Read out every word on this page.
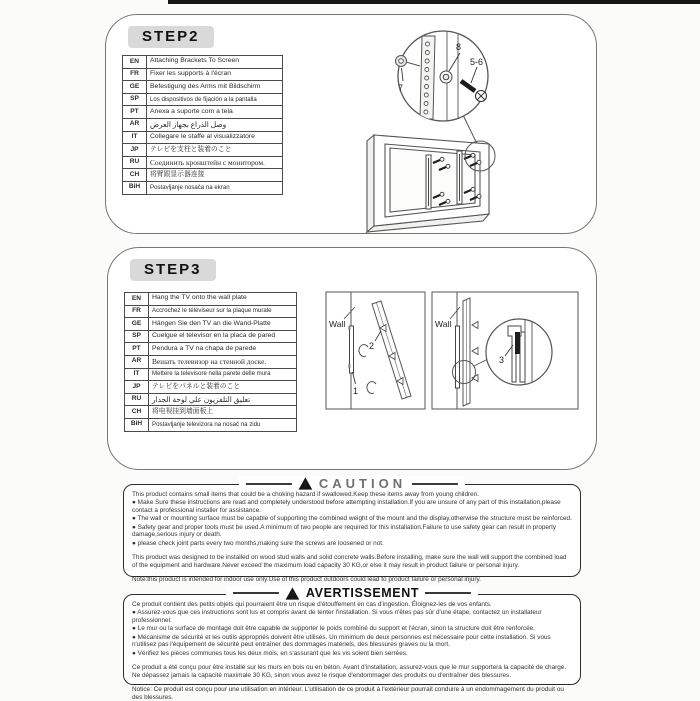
STEP2
EN	Attaching Brackets To Screen
FR	Fixer les supports à l'écran
GE	Befestigung des Arms mit Bildschirm
SP	Los dispositivos de fijación a la pantalla
PT	Anexa a suporte com a tela
AR	وصل الذراع بجهاز العرض
IT	Collegare le staffe al visualizzatore
JP	テレビを支柱と装着のこと
RU	Соединить кронштейн с монитором.
CH	将臂跟显示器连接
BiH	Postavljanje nosača na ekran
8
5-6
7
STEP3
EN	Hang the TV onto the wall plate
FR	Accrochez le téléviseur sur la plaque murale
GE	Hängen Sie den TV an die Wand-Platte
SP	Cuelgue el televisor en la placa de pared
PT	Pendura a TV na chapa de parede
AR	Вешать телевизор на стенной доске.
IT	Mettere la televisore nella parete delle mura
JP	テレビをパネルと装着のこと
RU	تعليق التلفزيون علي لوحة الجدار
CH	将电视挂到墙面板上
BiH	Postavljanje televizora na nosač na zidu
Wall
1
2
Wall
3
! CAUTION

This product contains small items that could be a choking hazard if swallowed.Keep these items away from young children.

● Make Sure these instructions are read and completely understood before attempting installation.If you are unsure of any part of this installation,please contact a professional installer for assistance.

● The wall or mounting surface must be capable of supporting the combined weight of the mount and the display,otherwise the structure must be reinforced.

● Safety gear and proper tools must be used.A minimum of two people are required for this installation.Failure to use safety gear can result in property damage,serious injury or death.

● please check joint parts every two months,making sure the screws are loosened or not.

This product was designed to be installed on wood stud walls and solid concrete walls.Before installing, make sure the wall will support the combined load of the equipment and hardware.Never exceed the maximum load capacity 30 KG,or else it may result in product failure or personal injury.

Note:this product is intended for indoor use only.Use of this product outdoors could lead to product failure or personal injury.

! AVERTISSEMENT

Ce produit contient des petits objets qui pourraient être un risque d'étouffement en cas d'ingestion. Éloignez-les de vos enfants.

● Assurez-vous que ces instructions sont lus et compris avant de tenter l'installation. Si vous n'êtes pas sûr d'une étape, contactez un installateur professionnel.

● Le mur ou la surface de montage doit être capable de supporter le poids combiné du support et l'écran, sinon la structure doit être renforcée.

● Mécanisme de sécurité et les outils appropriés doivent être utilisés. Un minimum de deux personnes est nécessaire pour cette installation. Si vous n'utilisez pas l'équipement de sécurité peut entraîner des dommages matériels, des blessures graves ou la mort.

● Vérifiez les pièces communes tous les deux mois, en s'assurant que les vis soient bien serrées.

Ce produit a été conçu pour être installé sur les murs en bois ou en béton. Avant d'installation, assurez-vous que le mur supportera la capacité de charge. Ne dépassez jamais la capacité maximale 30 KG, sinon vous avez le risque d'endommager des produits ou d'entraîner des blessures.

Notice: Ce produit est conçu pour une utilisation en intérieur. L'utilisation de ce produit à l'extérieur pourrait conduire à un endommagement du produit ou des blessures.
